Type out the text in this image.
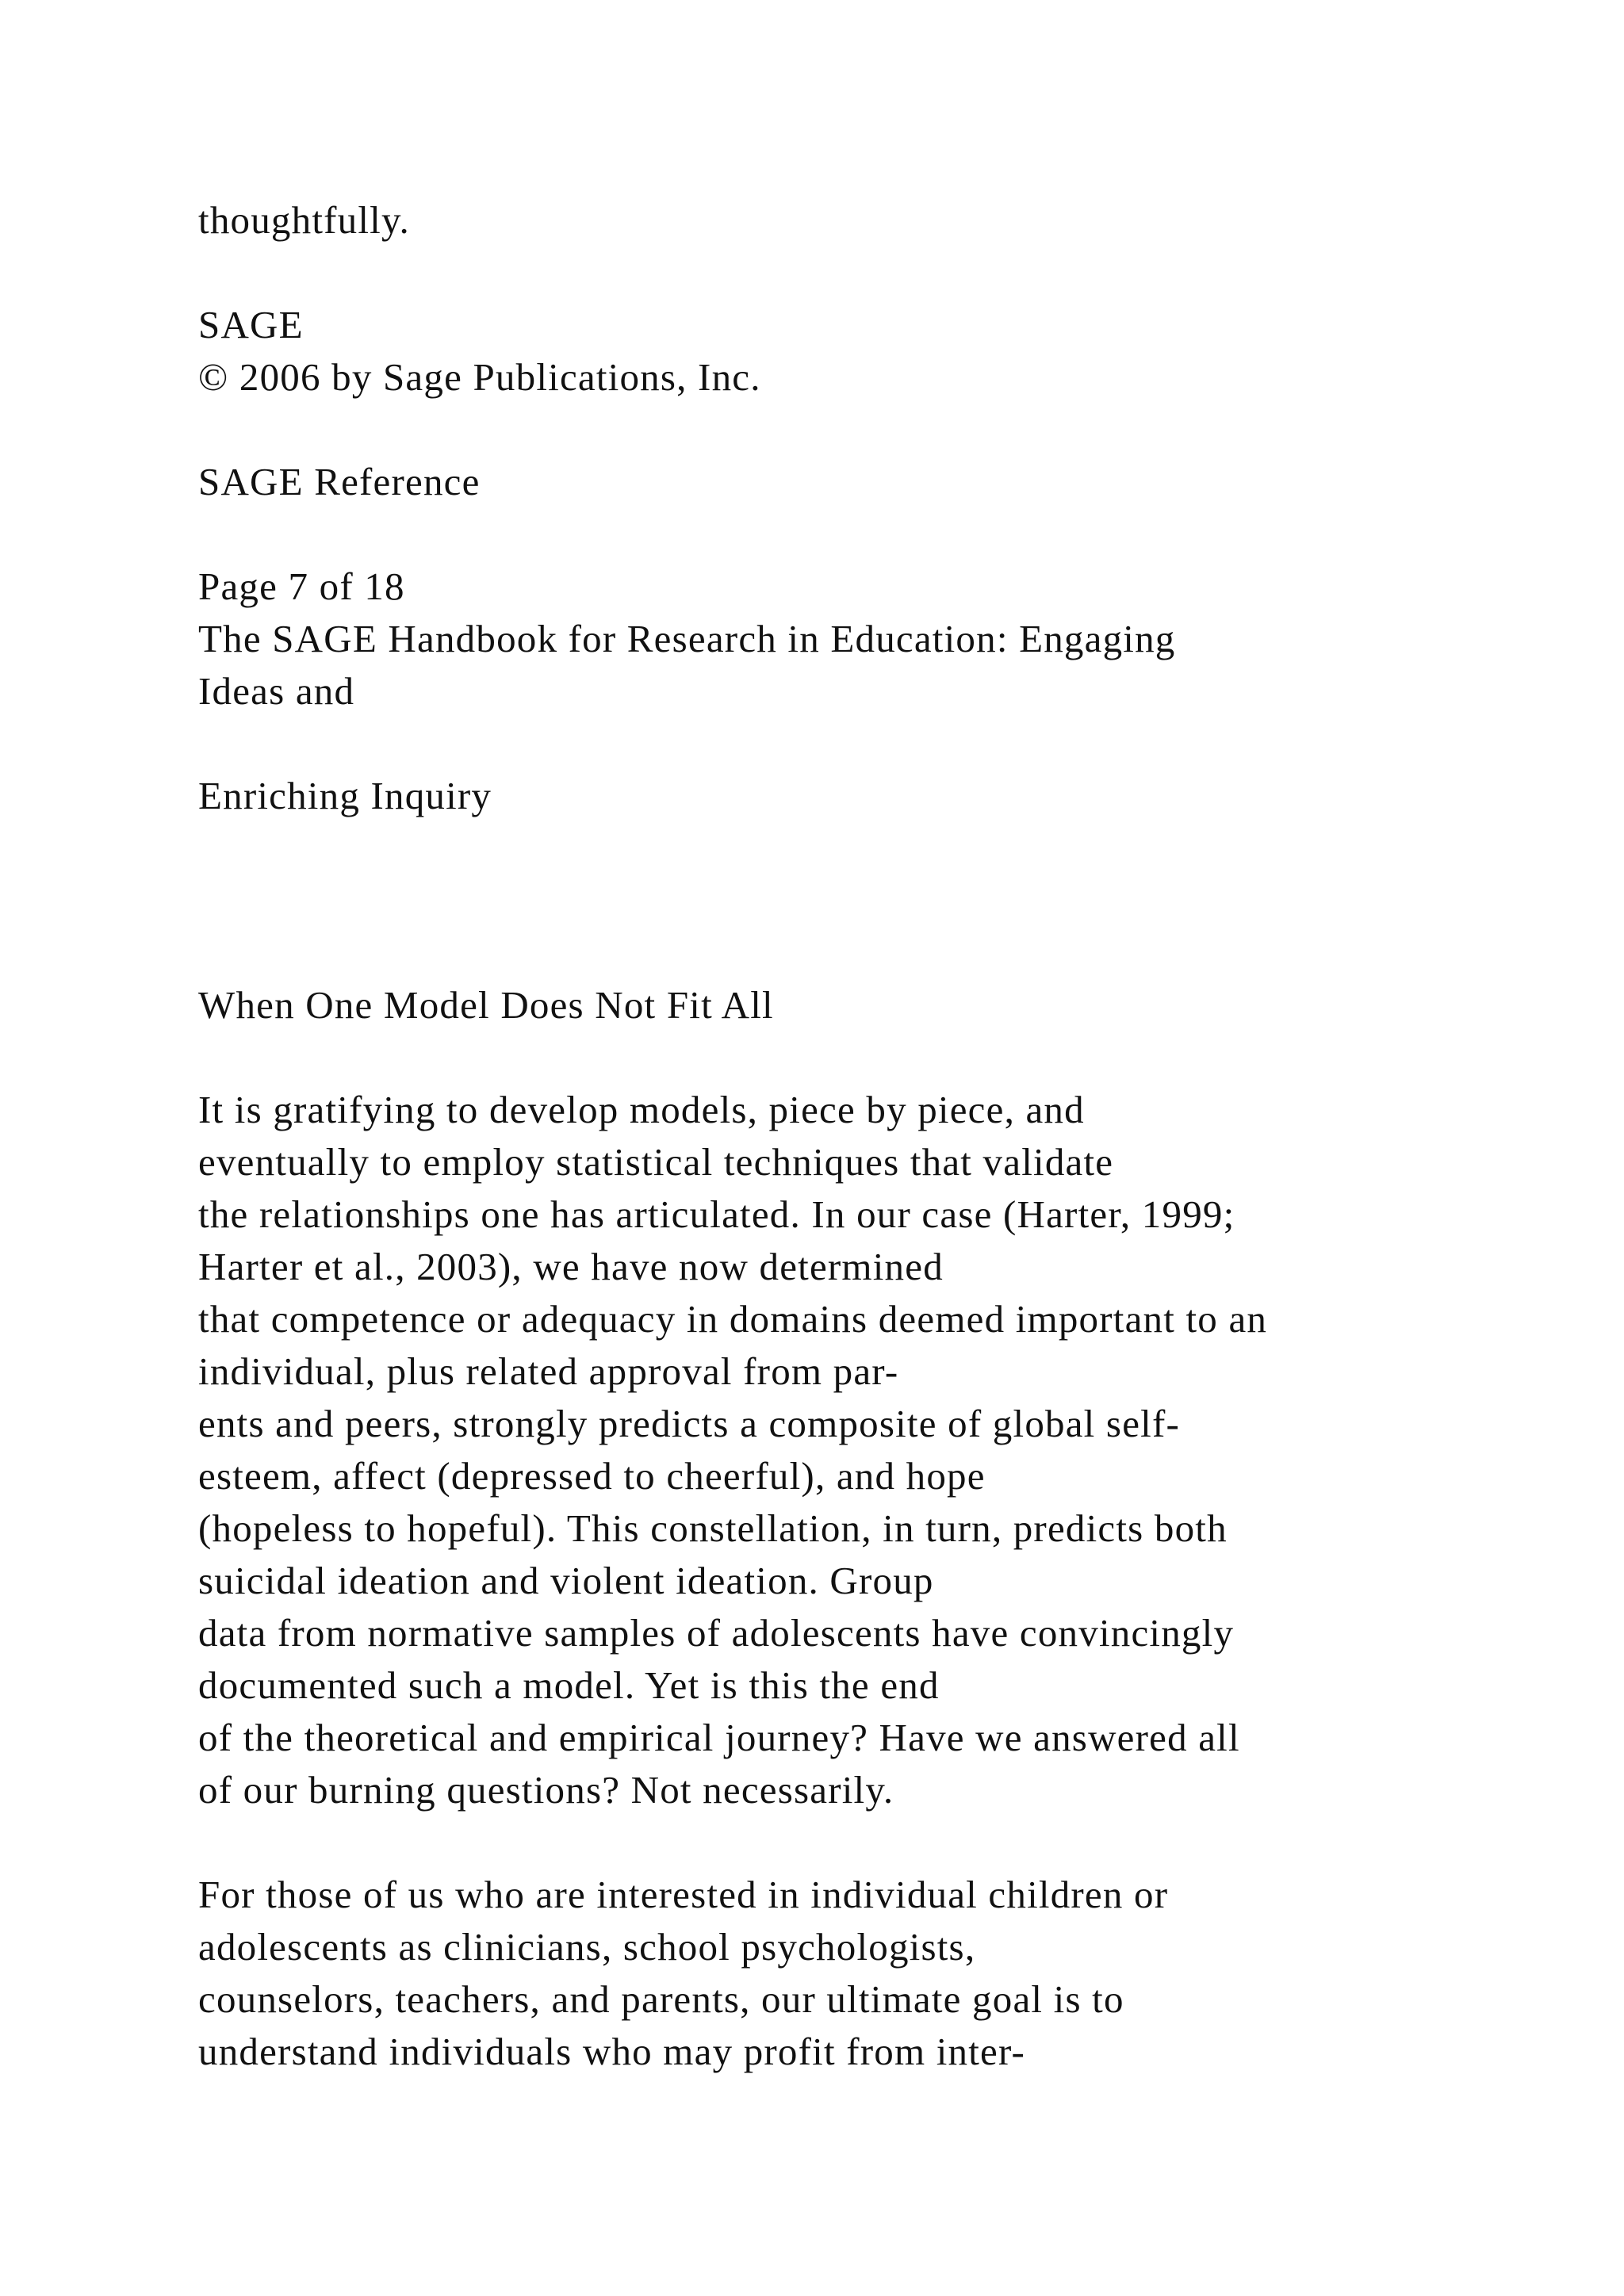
thoughtfully.
SAGE
© 2006 by Sage Publications, Inc.
SAGE Reference
Page 7 of 18
The SAGE Handbook for Research in Education: Engaging
Ideas and
Enriching Inquiry
When One Model Does Not Fit All
It is gratifying to develop models, piece by piece, and
eventually to employ statistical techniques that validate
the relationships one has articulated. In our case (Harter, 1999;
Harter et al., 2003), we have now determined
that competence or adequacy in domains deemed important to an
individual, plus related approval from par-
ents and peers, strongly predicts a composite of global self-
esteem, affect (depressed to cheerful), and hope
(hopeless to hopeful). This constellation, in turn, predicts both
suicidal ideation and violent ideation. Group
data from normative samples of adolescents have convincingly
documented such a model. Yet is this the end
of the theoretical and empirical journey? Have we answered all
of our burning questions? Not necessarily.
For those of us who are interested in individual children or
adolescents as clinicians, school psychologists,
counselors, teachers, and parents, our ultimate goal is to
understand individuals who may profit from inter-
